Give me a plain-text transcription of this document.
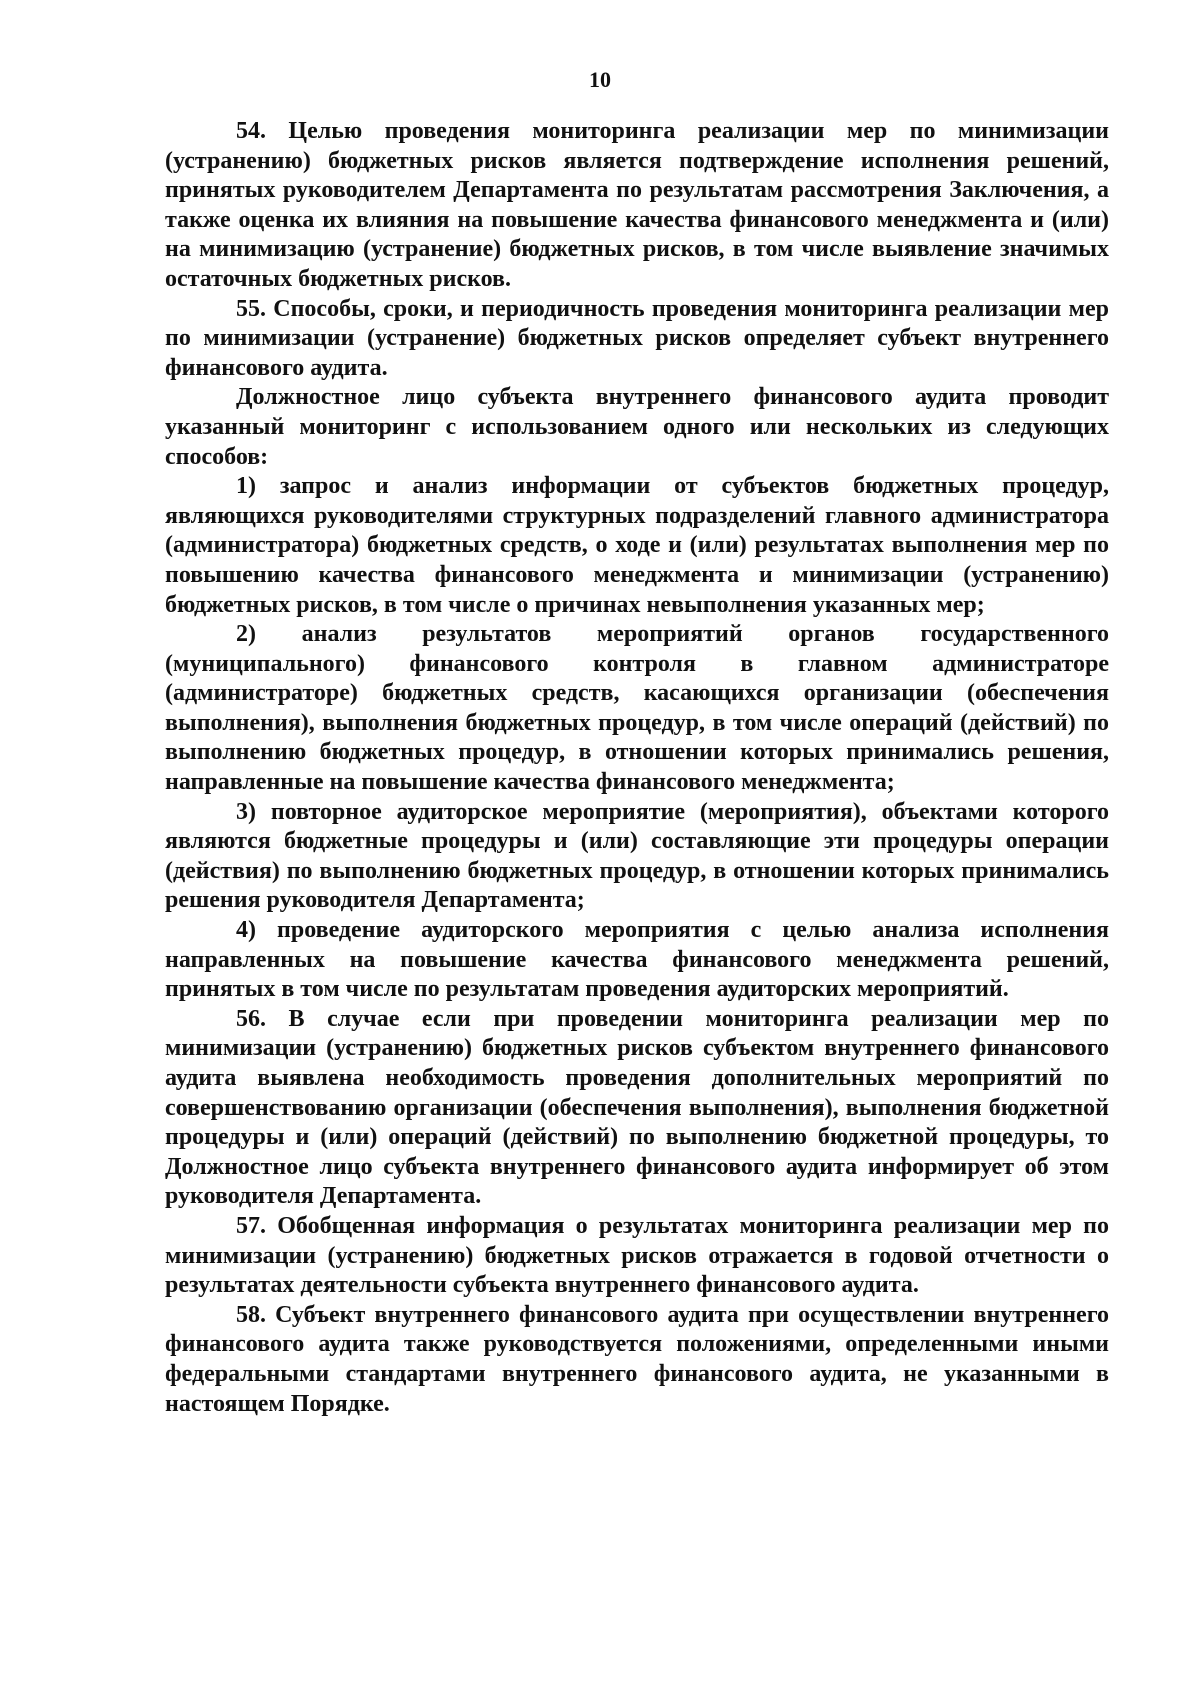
10

54. Целью проведения мониторинга реализации мер по минимизации (устранению) бюджетных рисков является подтверждение исполнения решений, принятых руководителем Департамента по результатам рассмотрения Заключения, а также оценка их влияния на повышение качества финансового менеджмента и (или) на минимизацию (устранение) бюджетных рисков, в том числе выявление значимых остаточных бюджетных рисков.

55. Способы, сроки, и периодичность проведения мониторинга реализации мер по минимизации (устранение) бюджетных рисков определяет субъект внутреннего финансового аудита.

Должностное лицо субъекта внутреннего финансового аудита проводит указанный мониторинг с использованием одного или нескольких из следующих способов:

1) запрос и анализ информации от субъектов бюджетных процедур, являющихся руководителями структурных подразделений главного администратора (администратора) бюджетных средств, о ходе и (или) результатах выполнения мер по повышению качества финансового менеджмента и минимизации (устранению) бюджетных рисков, в том числе о причинах невыполнения указанных мер;

2) анализ результатов мероприятий органов государственного (муниципального) финансового контроля в главном администраторе (администраторе) бюджетных средств, касающихся организации (обеспечения выполнения), выполнения бюджетных процедур, в том числе операций (действий) по выполнению бюджетных процедур, в отношении которых принимались решения, направленные на повышение качества финансового менеджмента;

3) повторное аудиторское мероприятие (мероприятия), объектами которого являются бюджетные процедуры и (или) составляющие эти процедуры операции (действия) по выполнению бюджетных процедур, в отношении которых принимались решения руководителя Департамента;

4) проведение аудиторского мероприятия с целью анализа исполнения направленных на повышение качества финансового менеджмента решений, принятых в том числе по результатам проведения аудиторских мероприятий.

56. В случае если при проведении мониторинга реализации мер по минимизации (устранению) бюджетных рисков субъектом внутреннего финансового аудита выявлена необходимость проведения дополнительных мероприятий по совершенствованию организации (обеспечения выполнения), выполнения бюджетной процедуры и (или) операций (действий) по выполнению бюджетной процедуры, то Должностное лицо субъекта внутреннего финансового аудита информирует об этом руководителя Департамента.

57. Обобщенная информация о результатах мониторинга реализации мер по минимизации (устранению) бюджетных рисков отражается в годовой отчетности о результатах деятельности субъекта внутреннего финансового аудита.

58. Субъект внутреннего финансового аудита при осуществлении внутреннего финансового аудита также руководствуется положениями, определенными иными федеральными стандартами внутреннего финансового аудита, не указанными в настоящем Порядке.
